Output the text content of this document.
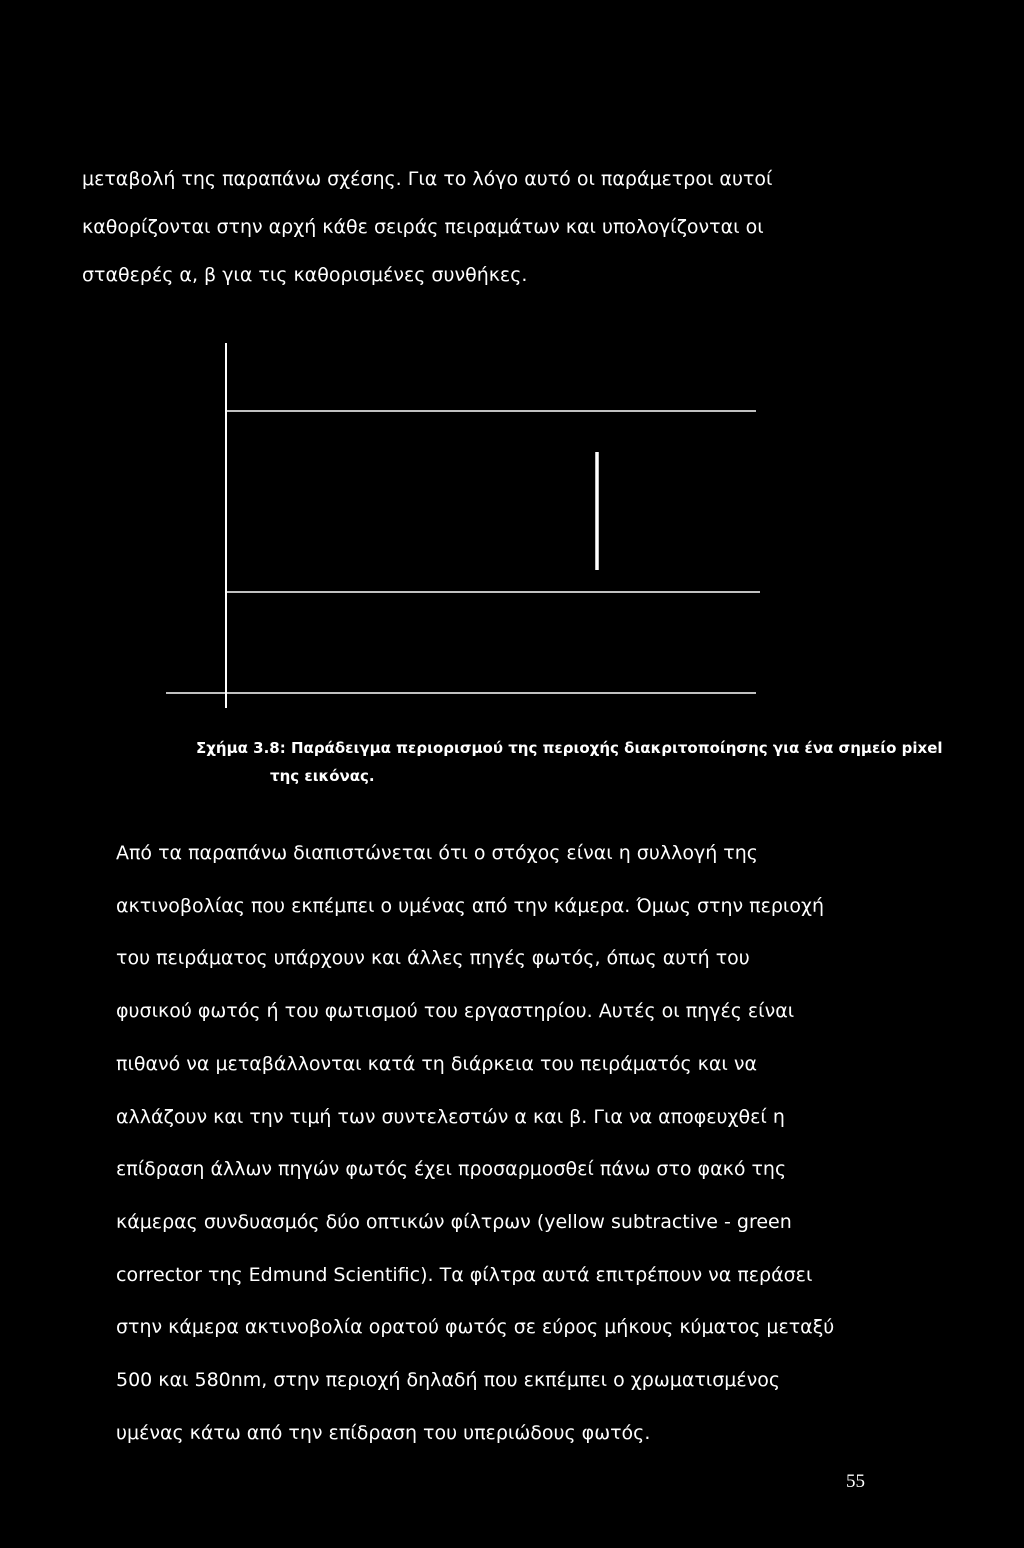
μεταβολή της παραπάνω σχέσης. Για το λόγο αυτό οι παράμετροι αυτοί
καθορίζονται στην αρχή κάθε σειράς πειραμάτων και υπολογίζονται οι
σταθερές α, β για τις καθορισμένες συνθήκες.

Σχήμα 3.8: Παράδειγμα περιορισμού της περιοχής διακριτοποίησης για ένα σημείο pixel
της εικόνας.

Από τα παραπάνω διαπιστώνεται ότι ο στόχος είναι η συλλογή της
ακτινοβολίας που εκπέμπει ο υμένας από την κάμερα. Όμως στην περιοχή
του πειράματος υπάρχουν και άλλες πηγές φωτός, όπως αυτή του
φυσικού φωτός ή του φωτισμού του εργαστηρίου. Αυτές οι πηγές είναι
πιθανό να μεταβάλλονται κατά τη διάρκεια του πειράματός και να
αλλάζουν και την τιμή των συντελεστών α και β. Για να αποφευχθεί η
επίδραση άλλων πηγών φωτός έχει προσαρμοσθεί πάνω στο φακό της
κάμερας συνδυασμός δύο οπτικών φίλτρων (yellow subtractive - green
corrector της Edmund Scientific). Τα φίλτρα αυτά επιτρέπουν να περάσει
στην κάμερα ακτινοβολία ορατού φωτός σε εύρος μήκους κύματος μεταξύ
500 και 580nm, στην περιοχή δηλαδή που εκπέμπει ο χρωματισμένος
υμένας κάτω από την επίδραση του υπεριώδους φωτός.

55
